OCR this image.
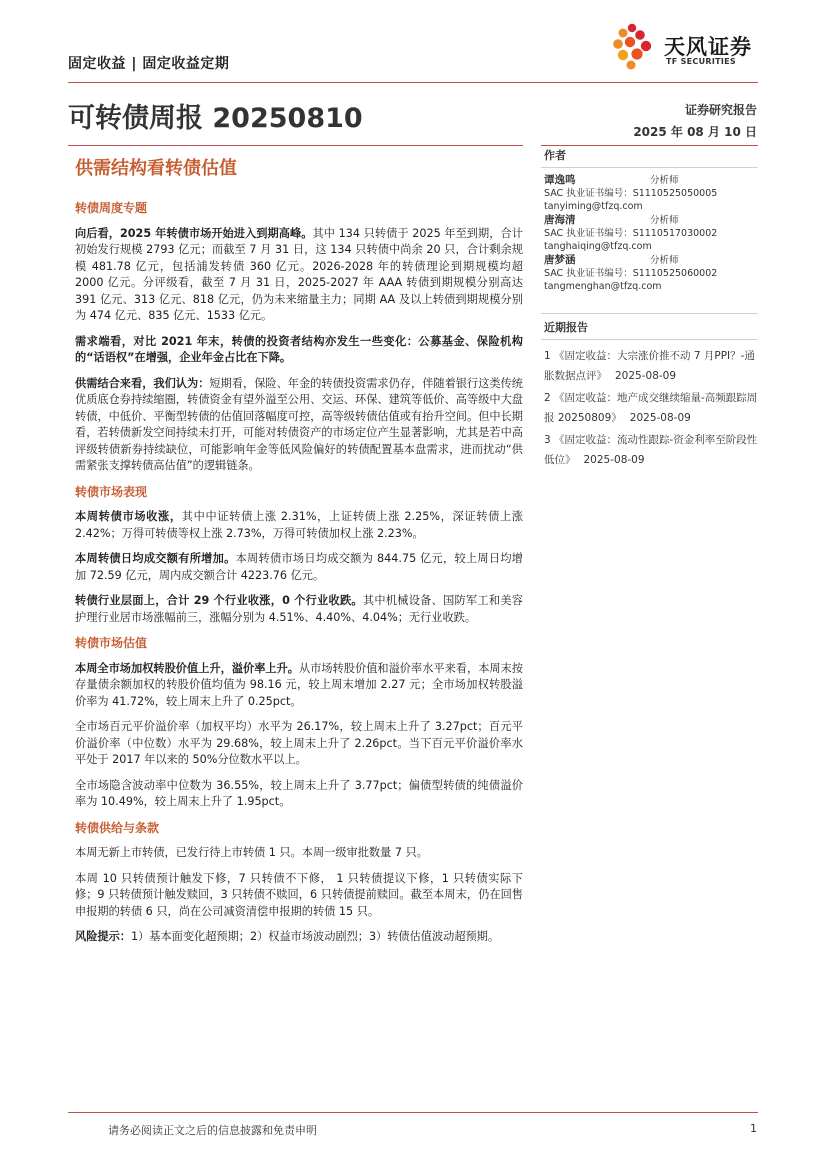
固定收益 | 固定收益定期
天风证券
TF SECURITIES
可转债周报 20250810	证券研究报告
2025 年 08 月 10 日
供需结构看转债估值
转债周度专题

向后看，2025 年转债市场开始进入到期高峰。其中 134 只转债于 2025 年至到期，合计初始发行规模 2793 亿元；而截至 7 月 31 日，这 134 只转债中尚余 20 只，合计剩余规模 481.78 亿元，包括浦发转债 360 亿元。2026-2028 年的转债理论到期规模均超 2000 亿元。分评级看，截至 7 月 31 日，2025-2027 年 AAA 转债到期规模分别高达 391 亿元、313 亿元、818 亿元，仍为未来缩量主力；同期 AA 及以上转债到期规模分别为 474 亿元、835 亿元、1533 亿元。

需求端看，对比 2021 年末，转债的投资者结构亦发生一些变化：公募基金、保险机构的“话语权”在增强，企业年金占比在下降。

供需结合来看，我们认为：短期看，保险、年金的转债投资需求仍存，伴随着银行这类传统优质底仓券持续缩圈，转债资金有望外溢至公用、交运、环保、建筑等低价、高等级中大盘转债，中低价、平衡型转债的估值回落幅度可控，高等级转债估值或有抬升空间。但中长期看，若转债新发空间持续未打开，可能对转债资产的市场定位产生显著影响，尤其是若中高评级转债新券持续缺位，可能影响年金等低风险偏好的转债配置基本盘需求，进而扰动“供需紧张支撑转债高估值”的逻辑链条。

转债市场表现

本周转债市场收涨，其中中证转债上涨 2.31%，上证转债上涨 2.25%，深证转债上涨 2.42%；万得可转债等权上涨 2.73%，万得可转债加权上涨 2.23%。

本周转债日均成交额有所增加。本周转债市场日均成交额为 844.75 亿元，较上周日均增加 72.59 亿元，周内成交额合计 4223.76 亿元。

转债行业层面上，合计 29 个行业收涨，0 个行业收跌。其中机械设备、国防军工和美容护理行业居市场涨幅前三，涨幅分别为 4.51%、4.40%、4.04%；无行业收跌。

转债市场估值

本周全市场加权转股价值上升，溢价率上升。从市场转股价值和溢价率水平来看，本周末按存量债余额加权的转股价值均值为 98.16 元，较上周末增加 2.27 元；全市场加权转股溢价率为 41.72%，较上周末上升了 0.25pct。

全市场百元平价溢价率（加权平均）水平为 26.17%，较上周末上升了 3.27pct；百元平价溢价率（中位数）水平为 29.68%，较上周末上升了 2.26pct。当下百元平价溢价率水平处于 2017 年以来的 50%分位数水平以上。

全市场隐含波动率中位数为 36.55%，较上周末上升了 3.77pct；偏债型转债的纯债溢价率为 10.49%，较上周末上升了 1.95pct。

转债供给与条款

本周无新上市转债，已发行待上市转债 1 只。本周一级审批数量 7 只。

本周 10 只转债预计触发下修，7 只转债不下修， 1 只转债提议下修，1 只转债实际下修；9 只转债预计触发赎回，3 只转债不赎回，6 只转债提前赎回。截至本周末，仍在回售申报期的转债 6 只，尚在公司减资清偿申报期的转债 15 只。

风险提示：1）基本面变化超预期；2）权益市场波动剧烈；3）转债估值波动超预期。

作者
谭逸鸣	分析师
SAC 执业证书编号：S1110525050005
tanyiming@tfzq.com
唐海清	分析师
SAC 执业证书编号：S1110517030002
tanghaiqing@tfzq.com
唐梦涵	分析师
SAC 执业证书编号：S1110525060002
tangmenghan@tfzq.com
近期报告
1 《固定收益：大宗涨价推不动 7 月PPI？-通胀数据点评》 2025-08-09
2 《固定收益：地产成交继续缩量-高频跟踪周报 20250809》 2025-08-09
3 《固定收益：流动性跟踪-资金利率至阶段性低位》 2025-08-09
请务必阅读正文之后的信息披露和免责申明	1
